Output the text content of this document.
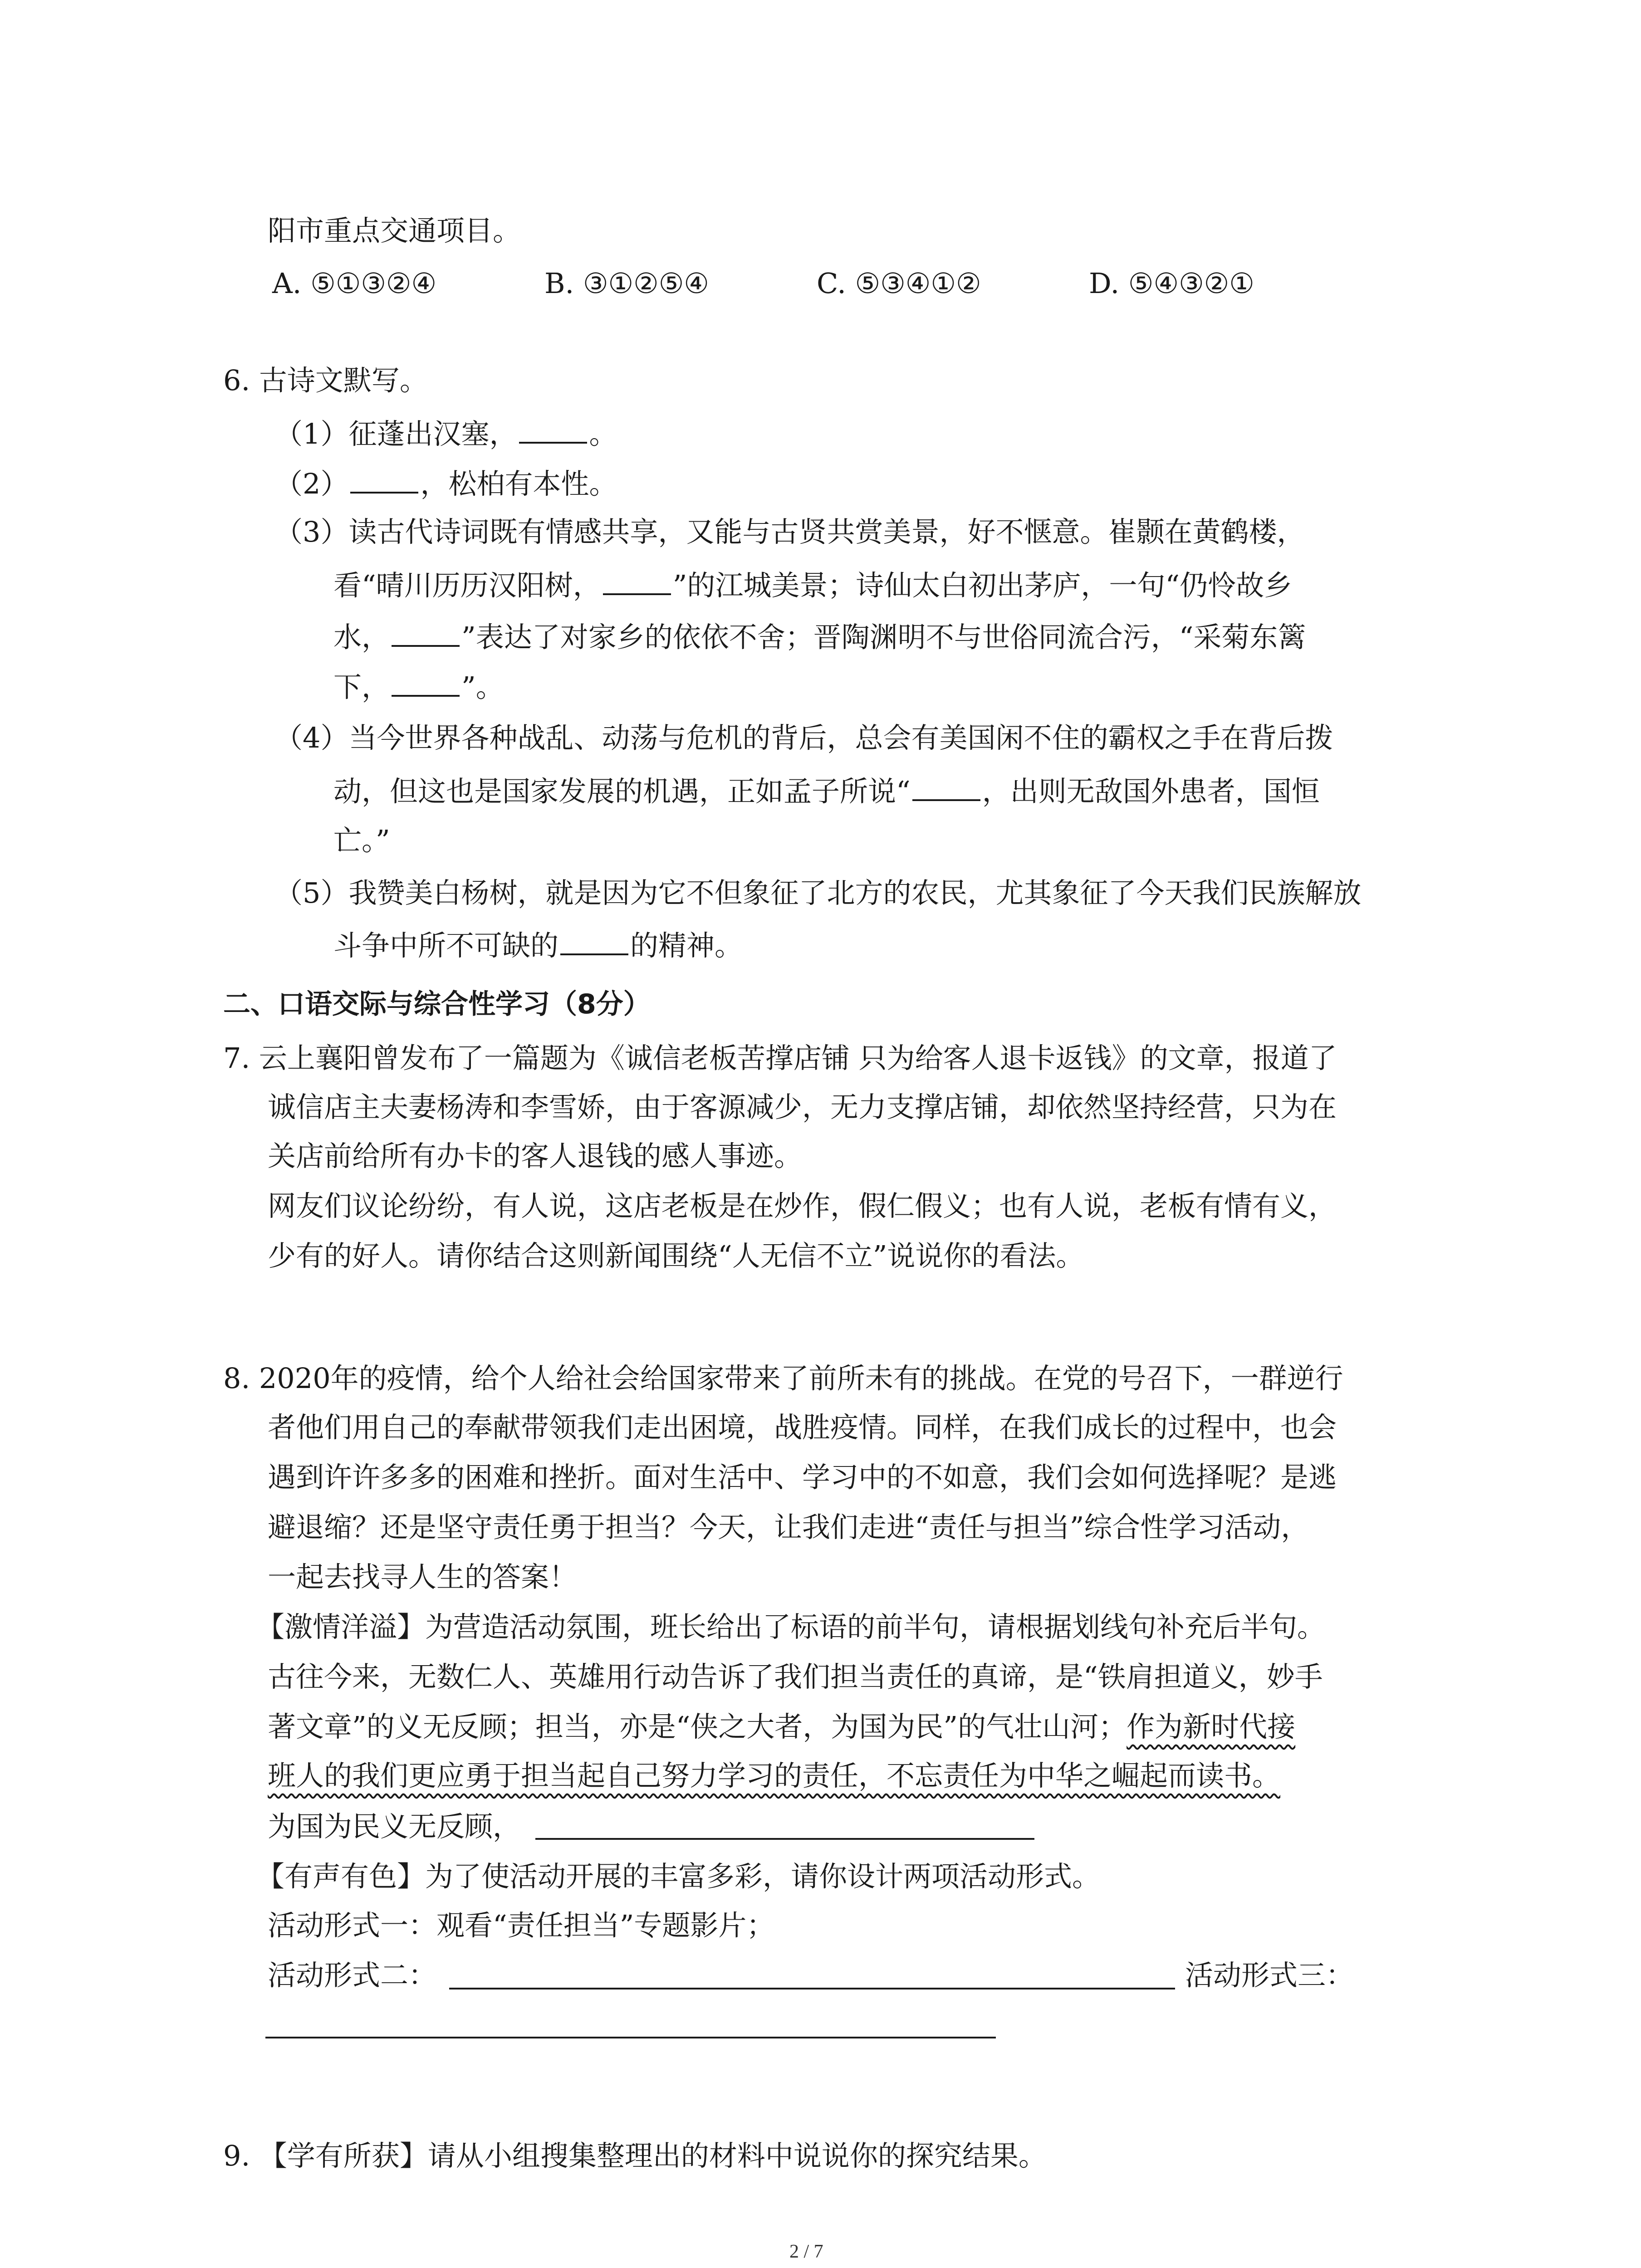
阳市重点交通项目。
A. ⑤①③②④	B. ③①②⑤④	C. ⑤③④①②	D. ⑤④③②①
6. 古诗文默写。
（1）征蓬出汉塞，	。
（2）	，松柏有本性。
（3）读古代诗词既有情感共享，又能与古贤共赏美景，好不惬意。崔颢在黄鹤楼，
看“晴川历历汉阳树，	”的江城美景；诗仙太白初出茅庐，一句“仍怜故乡
水，	”表达了对家乡的依依不舍；晋陶渊明不与世俗同流合污，“采菊东篱
下，	”。
（4）当今世界各种战乱、动荡与危机的背后，总会有美国闲不住的霸权之手在背后拨
动，但这也是国家发展的机遇，正如孟子所说“	，出则无敌国外患者，国恒
亡。”
（5）我赞美白杨树，就是因为它不但象征了北方的农民，尤其象征了今天我们民族解放
斗争中所不可缺的	的精神。
二、口语交际与综合性学习（8分）
7. 云上襄阳曾发布了一篇题为《诚信老板苦撑店铺 只为给客人退卡返钱》的文章，报道了
诚信店主夫妻杨涛和李雪娇，由于客源减少，无力支撑店铺，却依然坚持经营，只为在
关店前给所有办卡的客人退钱的感人事迹。
网友们议论纷纷，有人说，这店老板是在炒作，假仁假义；也有人说，老板有情有义，
少有的好人。请你结合这则新闻围绕“人无信不立”说说你的看法。
8. 2020年的疫情，给个人给社会给国家带来了前所未有的挑战。在党的号召下，一群逆行
者他们用自己的奉献带领我们走出困境，战胜疫情。同样，在我们成长的过程中，也会
遇到许许多多的困难和挫折。面对生活中、学习中的不如意，我们会如何选择呢？是逃
避退缩？还是坚守责任勇于担当？今天，让我们走进“责任与担当”综合性学习活动，
一起去找寻人生的答案！
【激情洋溢】为营造活动氛围，班长给出了标语的前半句，请根据划线句补充后半句。
古往今来，无数仁人、英雄用行动告诉了我们担当责任的真谛，是“铁肩担道义，妙手
著文章”的义无反顾；担当，亦是“侠之大者，为国为民”的气壮山河；作为新时代接
班人的我们更应勇于担当起自己努力学习的责任，不忘责任为中华之崛起而读书。
为国为民义无反顾，
【有声有色】为了使活动开展的丰富多彩，请你设计两项活动形式。
活动形式一：观看“责任担当”专题影片；
活动形式二：	活动形式三：
9. 【学有所获】请从小组搜集整理出的材料中说说你的探究结果。
2 / 7
